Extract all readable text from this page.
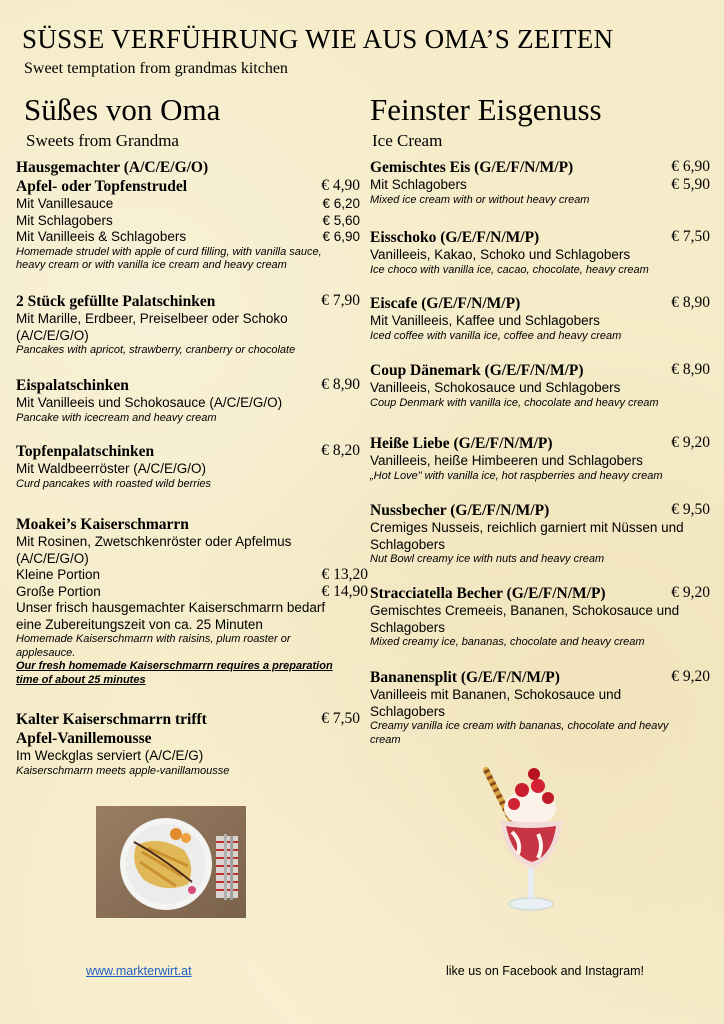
SÜSSE VERFÜHRUNG WIE AUS OMA’S ZEITEN
Sweet temptation from grandmas kitchen
Süßes von Oma
Sweets from Grandma
Feinster Eisgenuss
Ice Cream
Hausgemachter (A/C/E/G/O)
Apfel- oder Topfenstrudel	€ 4,90
Mit Vanillesauce	€ 6,20
Mit Schlagobers	€ 5,60
Mit Vanilleeis & Schlagobers	€ 6,90
Homemade strudel with apple of curd filling, with vanilla sauce,
heavy cream or with vanilla ice cream and heavy cream
2 Stück gefüllte Palatschinken	€ 7,90
Mit Marille, Erdbeer, Preiselbeer oder Schoko
(A/C/E/G/O)
Pancakes with apricot, strawberry, cranberry or chocolate
Eispalatschinken	€ 8,90
Mit Vanilleeis und Schokosauce (A/C/E/G/O)
Pancake with icecream and heavy cream
Topfenpalatschinken	€ 8,20
Mit Waldbeerröster (A/C/E/G/O)
Curd pancakes with roasted wild berries
Moakei’s Kaiserschmarrn
Mit Rosinen, Zwetschkenröster oder Apfelmus
(A/C/E/G/O)
Kleine Portion	€ 13,20
Große Portion	€ 14,90
Unser frisch hausgemachter Kaiserschmarrn bedarf
eine Zubereitungszeit von ca. 25 Minuten
Homemade Kaiserschmarrn with raisins, plum roaster or
applesauce.
Our fresh homemade Kaiserschmarrn requires a preparation
time of about 25 minutes
Kalter Kaiserschmarrn trifft	€ 7,50
Apfel-Vanillemousse
Im Weckglas serviert (A/C/E/G)
Kaiserschmarrn meets apple-vanillamousse
Gemischtes Eis (G/E/F/N/M/P)	€ 6,90
Mit Schlagobers	€ 5,90
Mixed ice cream with or without heavy cream
Eisschoko (G/E/F/N/M/P)	€ 7,50
Vanilleeis, Kakao, Schoko und Schlagobers
Ice choco with vanilla ice, cacao, chocolate, heavy cream
Eiscafe (G/E/F/N/M/P)	€ 8,90
Mit Vanilleeis, Kaffee und Schlagobers
Iced coffee with vanilla ice, coffee and heavy cream
Coup Dänemark (G/E/F/N/M/P)	€ 8,90
Vanilleeis, Schokosauce und Schlagobers
Coup Denmark with vanilla ice, chocolate and heavy cream
Heiße Liebe (G/E/F/N/M/P)	€ 9,20
Vanilleeis, heiße Himbeeren und Schlagobers
„Hot Love" with vanilla ice, hot raspberries and heavy cream
Nussbecher (G/E/F/N/M/P)	€ 9,50
Cremiges Nusseis, reichlich garniert mit Nüssen und
Schlagobers
Nut Bowl creamy ice with nuts and heavy cream
Stracciatella Becher (G/E/F/N/M/P)	€ 9,20
Gemischtes Cremeeis, Bananen, Schokosauce und
Schlagobers
Mixed creamy ice, bananas, chocolate and heavy cream
Bananensplit (G/E/F/N/M/P)	€ 9,20
Vanilleeis mit Bananen, Schokosauce und
Schlagobers
Creamy vanilla ice cream with bananas, chocolate and heavy
cream
www.markterwirt.at	like us on Facebook and Instagram!
